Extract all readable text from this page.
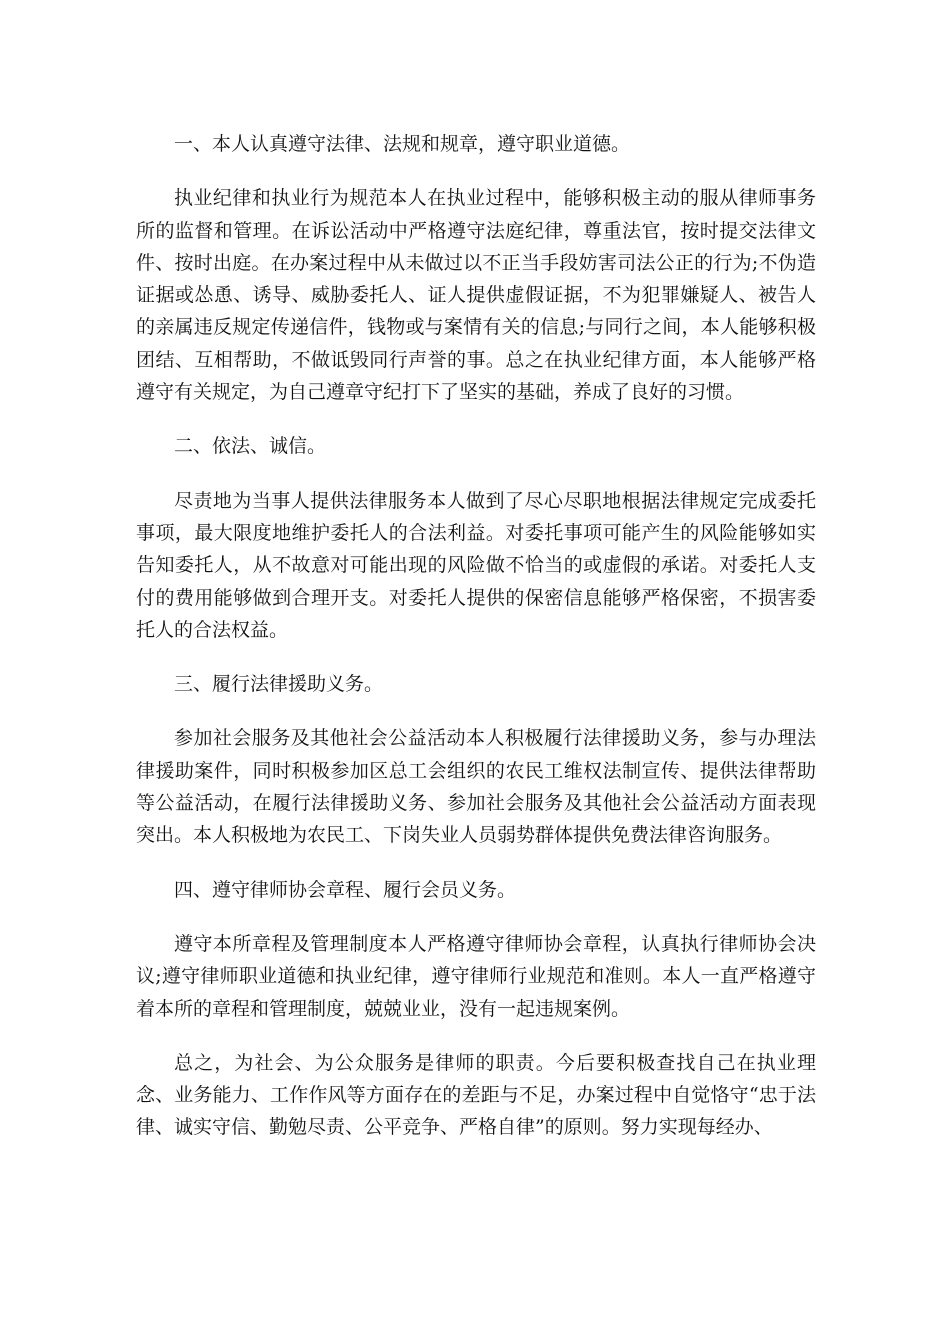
一、本人认真遵守法律、法规和规章，遵守职业道德。

执业纪律和执业行为规范本人在执业过程中，能够积极主动的服从律师事务所的监督和管理。在诉讼活动中严格遵守法庭纪律，尊重法官，按时提交法律文件、按时出庭。在办案过程中从未做过以不正当手段妨害司法公正的行为;不伪造证据或怂恿、诱导、威胁委托人、证人提供虚假证据，不为犯罪嫌疑人、被告人的亲属违反规定传递信件，钱物或与案情有关的信息;与同行之间，本人能够积极团结、互相帮助，不做诋毁同行声誉的事。总之在执业纪律方面，本人能够严格遵守有关规定，为自己遵章守纪打下了坚实的基础，养成了良好的习惯。

二、依法、诚信。

尽责地为当事人提供法律服务本人做到了尽心尽职地根据法律规定完成委托事项，最大限度地维护委托人的合法利益。对委托事项可能产生的风险能够如实告知委托人，从不故意对可能出现的风险做不恰当的或虚假的承诺。对委托人支付的费用能够做到合理开支。对委托人提供的保密信息能够严格保密，不损害委托人的合法权益。

三、履行法律援助义务。

参加社会服务及其他社会公益活动本人积极履行法律援助义务，参与办理法律援助案件，同时积极参加区总工会组织的农民工维权法制宣传、提供法律帮助等公益活动，在履行法律援助义务、参加社会服务及其他社会公益活动方面表现突出。本人积极地为农民工、下岗失业人员弱势群体提供免费法律咨询服务。

四、遵守律师协会章程、履行会员义务。

遵守本所章程及管理制度本人严格遵守律师协会章程，认真执行律师协会决议;遵守律师职业道德和执业纪律，遵守律师行业规范和准则。本人一直严格遵守着本所的章程和管理制度，兢兢业业，没有一起违规案例。

总之，为社会、为公众服务是律师的职责。今后要积极查找自己在执业理念、业务能力、工作作风等方面存在的差距与不足，办案过程中自觉恪守“忠于法律、诚实守信、勤勉尽责、公平竞争、严格自律”的原则。努力实现每经办、
